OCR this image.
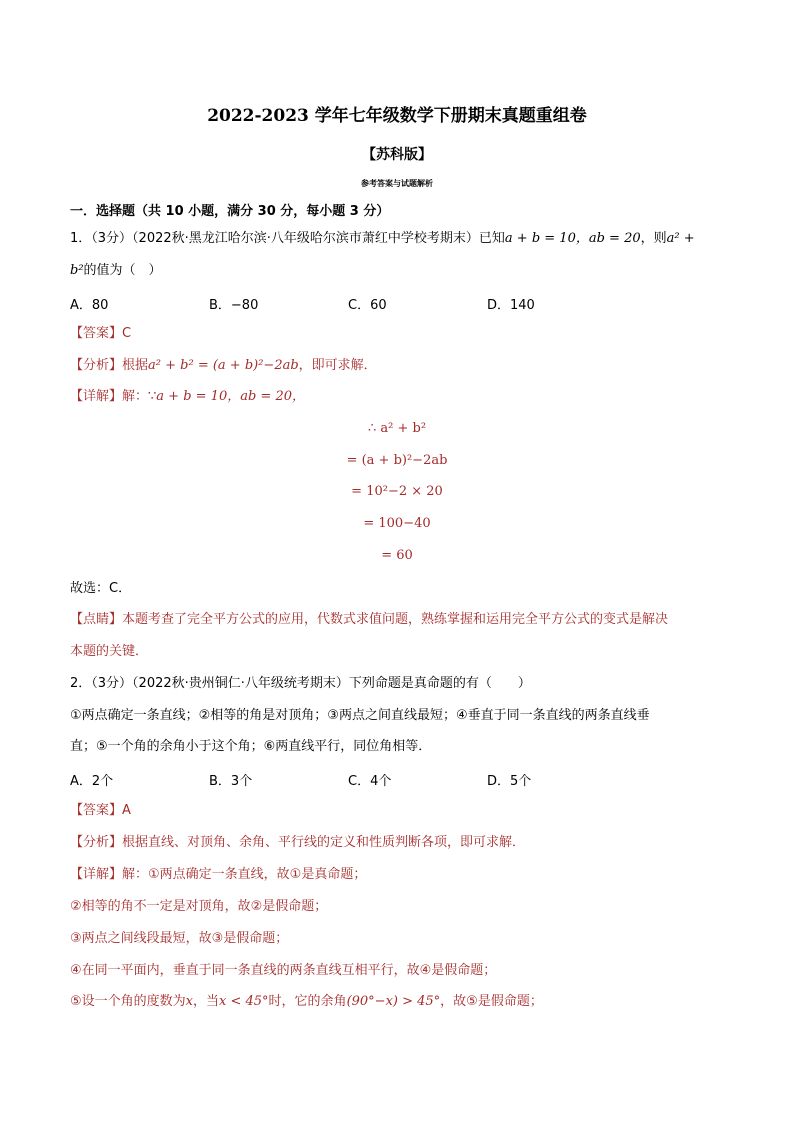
2022-2023 学年七年级数学下册期末真题重组卷
【苏科版】
参考答案与试题解析
一．选择题（共 10 小题，满分 30 分，每小题 3 分）
1．（3分）（2022秋·黑龙江哈尔滨·八年级哈尔滨市萧红中学校考期末）已知a + b = 10，ab = 20，则a² +
b²的值为（　）
A．80	B．−80	C．60	D．140
【答案】C
【分析】根据a² + b² = (a + b)²−2ab，即可求解．
【详解】解：∵a + b = 10，ab = 20，
∴ a² + b²
= (a + b)²−2ab
= 10²−2 × 20
= 100−40
= 60
故选：C．
【点睛】本题考查了完全平方公式的应用，代数式求值问题，熟练掌握和运用完全平方公式的变式是解决
本题的关键．
2．（3分）（2022秋·贵州铜仁·八年级统考期末）下列命题是真命题的有（　　）
①两点确定一条直线；②相等的角是对顶角；③两点之间直线最短；④垂直于同一条直线的两条直线垂
直；⑤一个角的余角小于这个角；⑥两直线平行，同位角相等．
A．2个	B．3个	C．4个	D．5个
【答案】A
【分析】根据直线、对顶角、余角、平行线的定义和性质判断各项，即可求解．
【详解】解：①两点确定一条直线，故①是真命题；
②相等的角不一定是对顶角，故②是假命题；
③两点之间线段最短，故③是假命题；
④在同一平面内，垂直于同一条直线的两条直线互相平行，故④是假命题；
⑤设一个角的度数为x，当x < 45°时，它的余角(90°−x) > 45°，故⑤是假命题；
